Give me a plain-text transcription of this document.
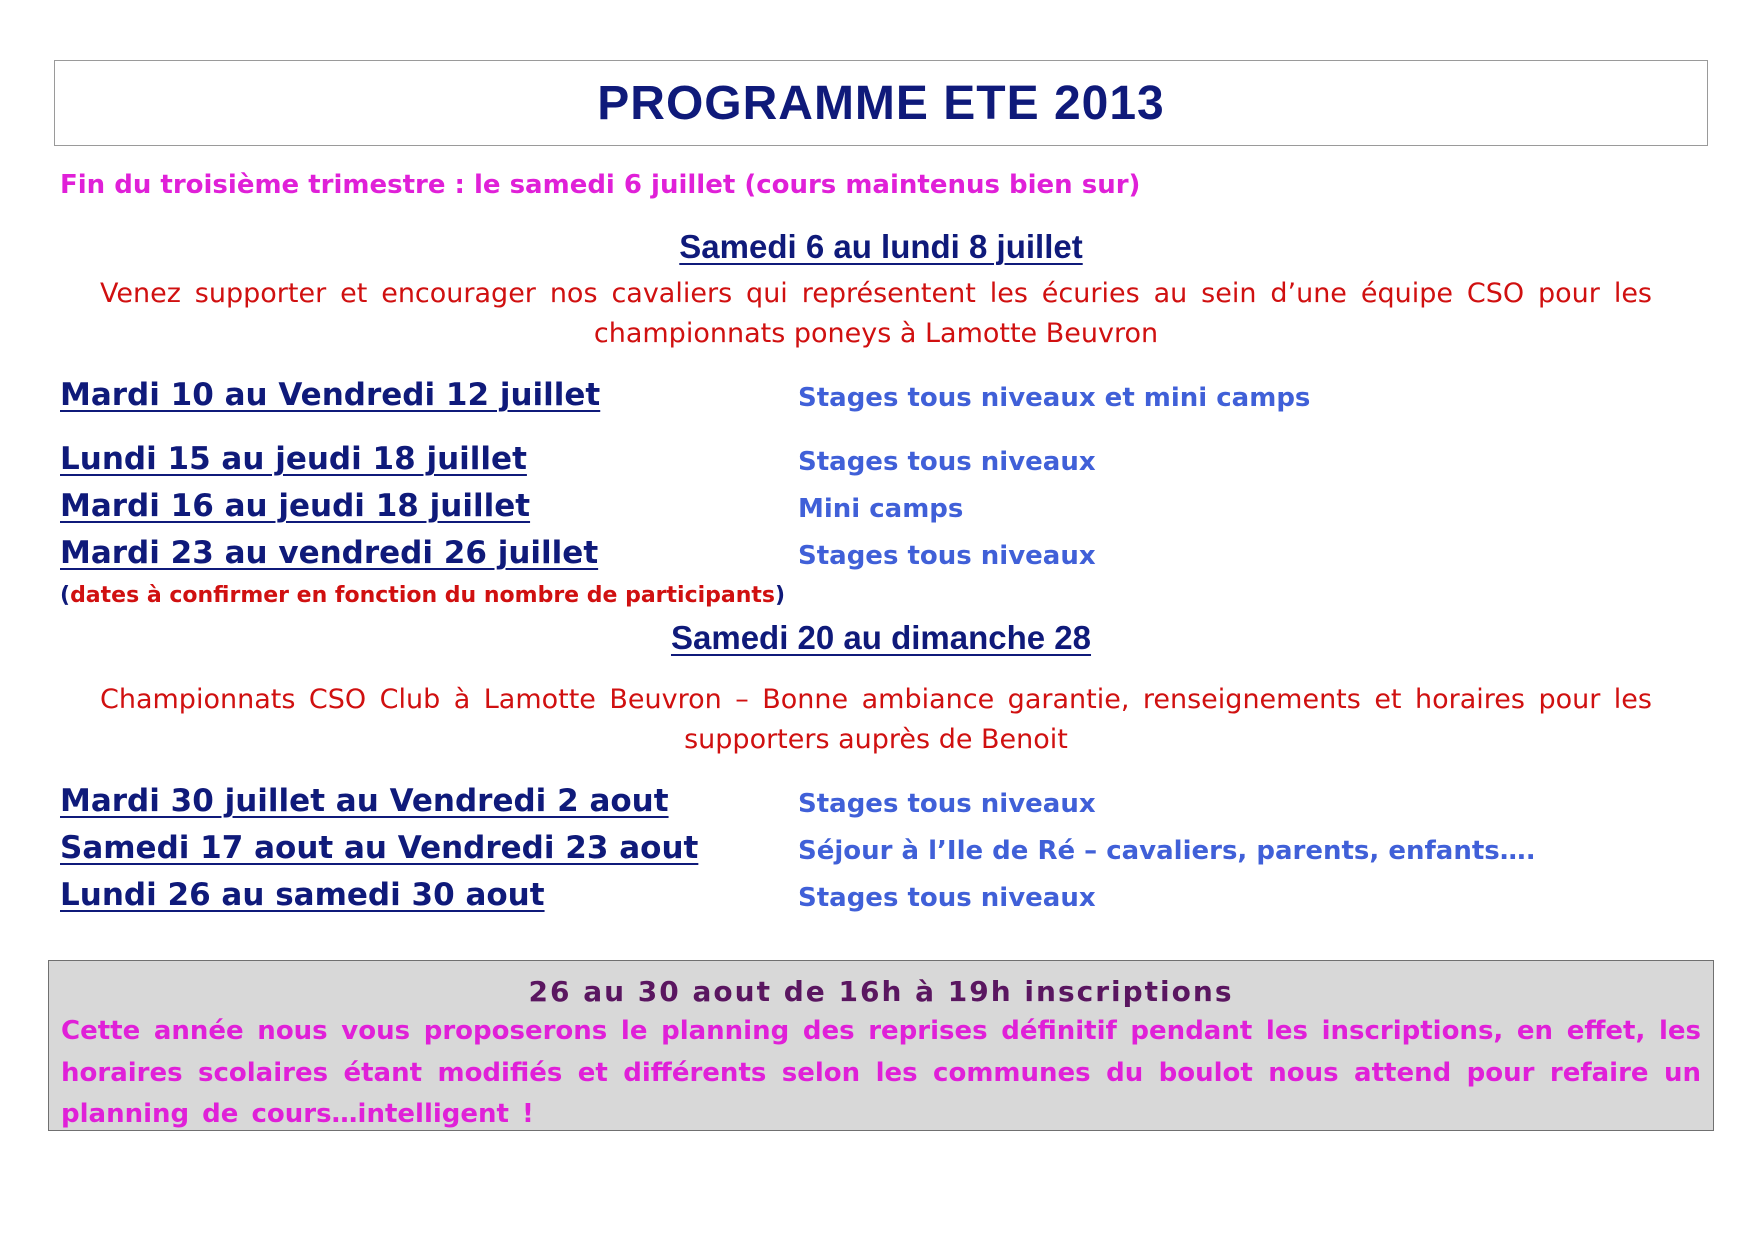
PROGRAMME ETE 2013
Fin du troisième trimestre : le samedi 6 juillet (cours maintenus bien sur)
Samedi 6 au lundi 8 juillet
Venez supporter et encourager nos cavaliers qui représentent les écuries au sein d’une équipe CSO pour les championnats poneys à Lamotte Beuvron
Mardi 10 au Vendredi 12 juillet	Stages tous niveaux et mini camps
Lundi 15 au jeudi 18 juillet	Stages tous niveaux
Mardi 16 au jeudi 18 juillet	Mini camps
Mardi 23 au vendredi 26 juillet	Stages tous niveaux
(dates à confirmer en fonction du nombre de participants)
Samedi 20 au dimanche 28
Championnats CSO Club à Lamotte Beuvron – Bonne ambiance garantie, renseignements et horaires pour les supporters auprès de Benoit
Mardi 30 juillet au Vendredi 2 aout	Stages tous niveaux
Samedi 17 aout au Vendredi 23 aout	Séjour à l’Ile de Ré – cavaliers, parents, enfants….
Lundi 26 au samedi 30 aout	Stages tous niveaux
26 au 30 aout de 16h à 19h inscriptions
Cette année nous vous proposerons le planning des reprises définitif pendant les inscriptions, en effet, les horaires scolaires étant modifiés et différents selon les communes du boulot nous attend pour refaire un planning de cours…intelligent !
